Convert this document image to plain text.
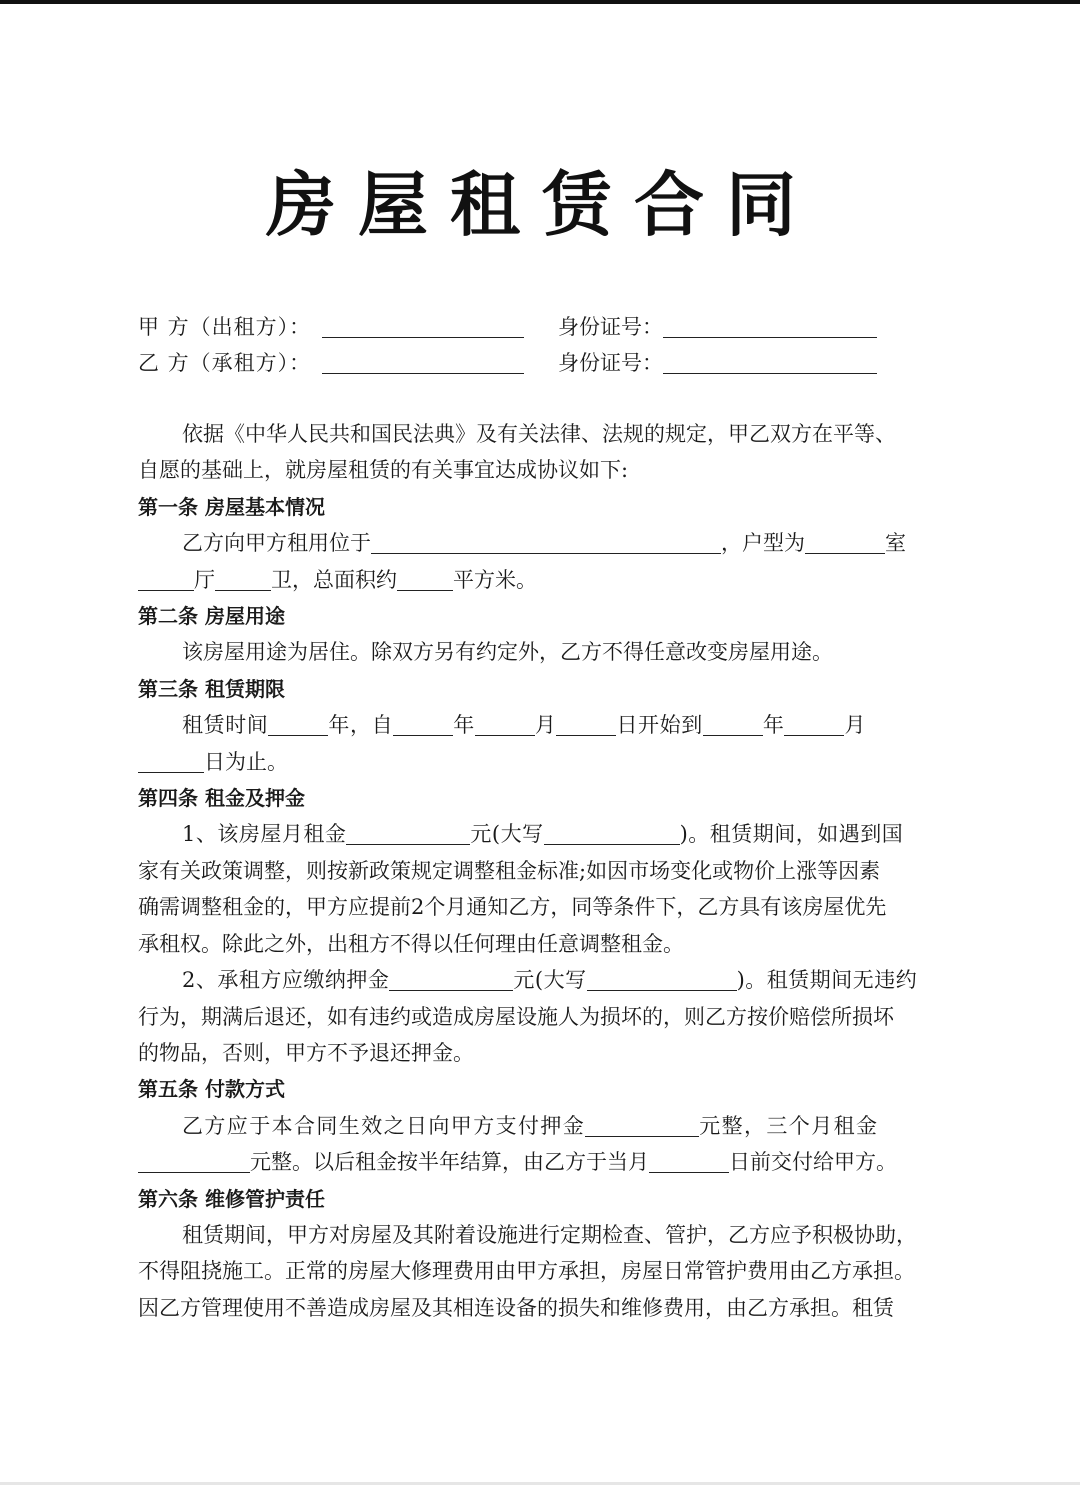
房屋租赁合同
甲 方（出租方）：	身份证号：
乙 方（承租方）：	身份证号：

依据《中华人民共和国民法典》及有关法律、法规的规定，甲乙双方在平等、

自愿的基础上，就房屋租赁的有关事宜达成协议如下:

第一条 房屋基本情况

乙方向甲方租用位于	，户型为	室

厅	卫，总面积约	平方米。

第二条 房屋用途

该房屋用途为居住。除双方另有约定外，乙方不得任意改变房屋用途。

第三条 租赁期限

租赁时间	年，自	年	月	日开始到	年	月

日为止。

第四条 租金及押金

1、该房屋月租金	元(大写	)。租赁期间，如遇到国

家有关政策调整，则按新政策规定调整租金标准;如因市场变化或物价上涨等因素

确需调整租金的，甲方应提前2个月通知乙方，同等条件下，乙方具有该房屋优先

承租权。除此之外，出租方不得以任何理由任意调整租金。

2、承租方应缴纳押金	元(大写	)。租赁期间无违约

行为，期满后退还，如有违约或造成房屋设施人为损坏的，则乙方按价赔偿所损坏

的物品，否则，甲方不予退还押金。

第五条 付款方式

乙方应于本合同生效之日向甲方支付押金	元整，三个月租金

元整。以后租金按半年结算，由乙方于当月	日前交付给甲方。

第六条 维修管护责任

租赁期间，甲方对房屋及其附着设施进行定期检查、管护，乙方应予积极协助，

不得阻挠施工。正常的房屋大修理费用由甲方承担，房屋日常管护费用由乙方承担。

因乙方管理使用不善造成房屋及其相连设备的损失和维修费用，由乙方承担。租赁
